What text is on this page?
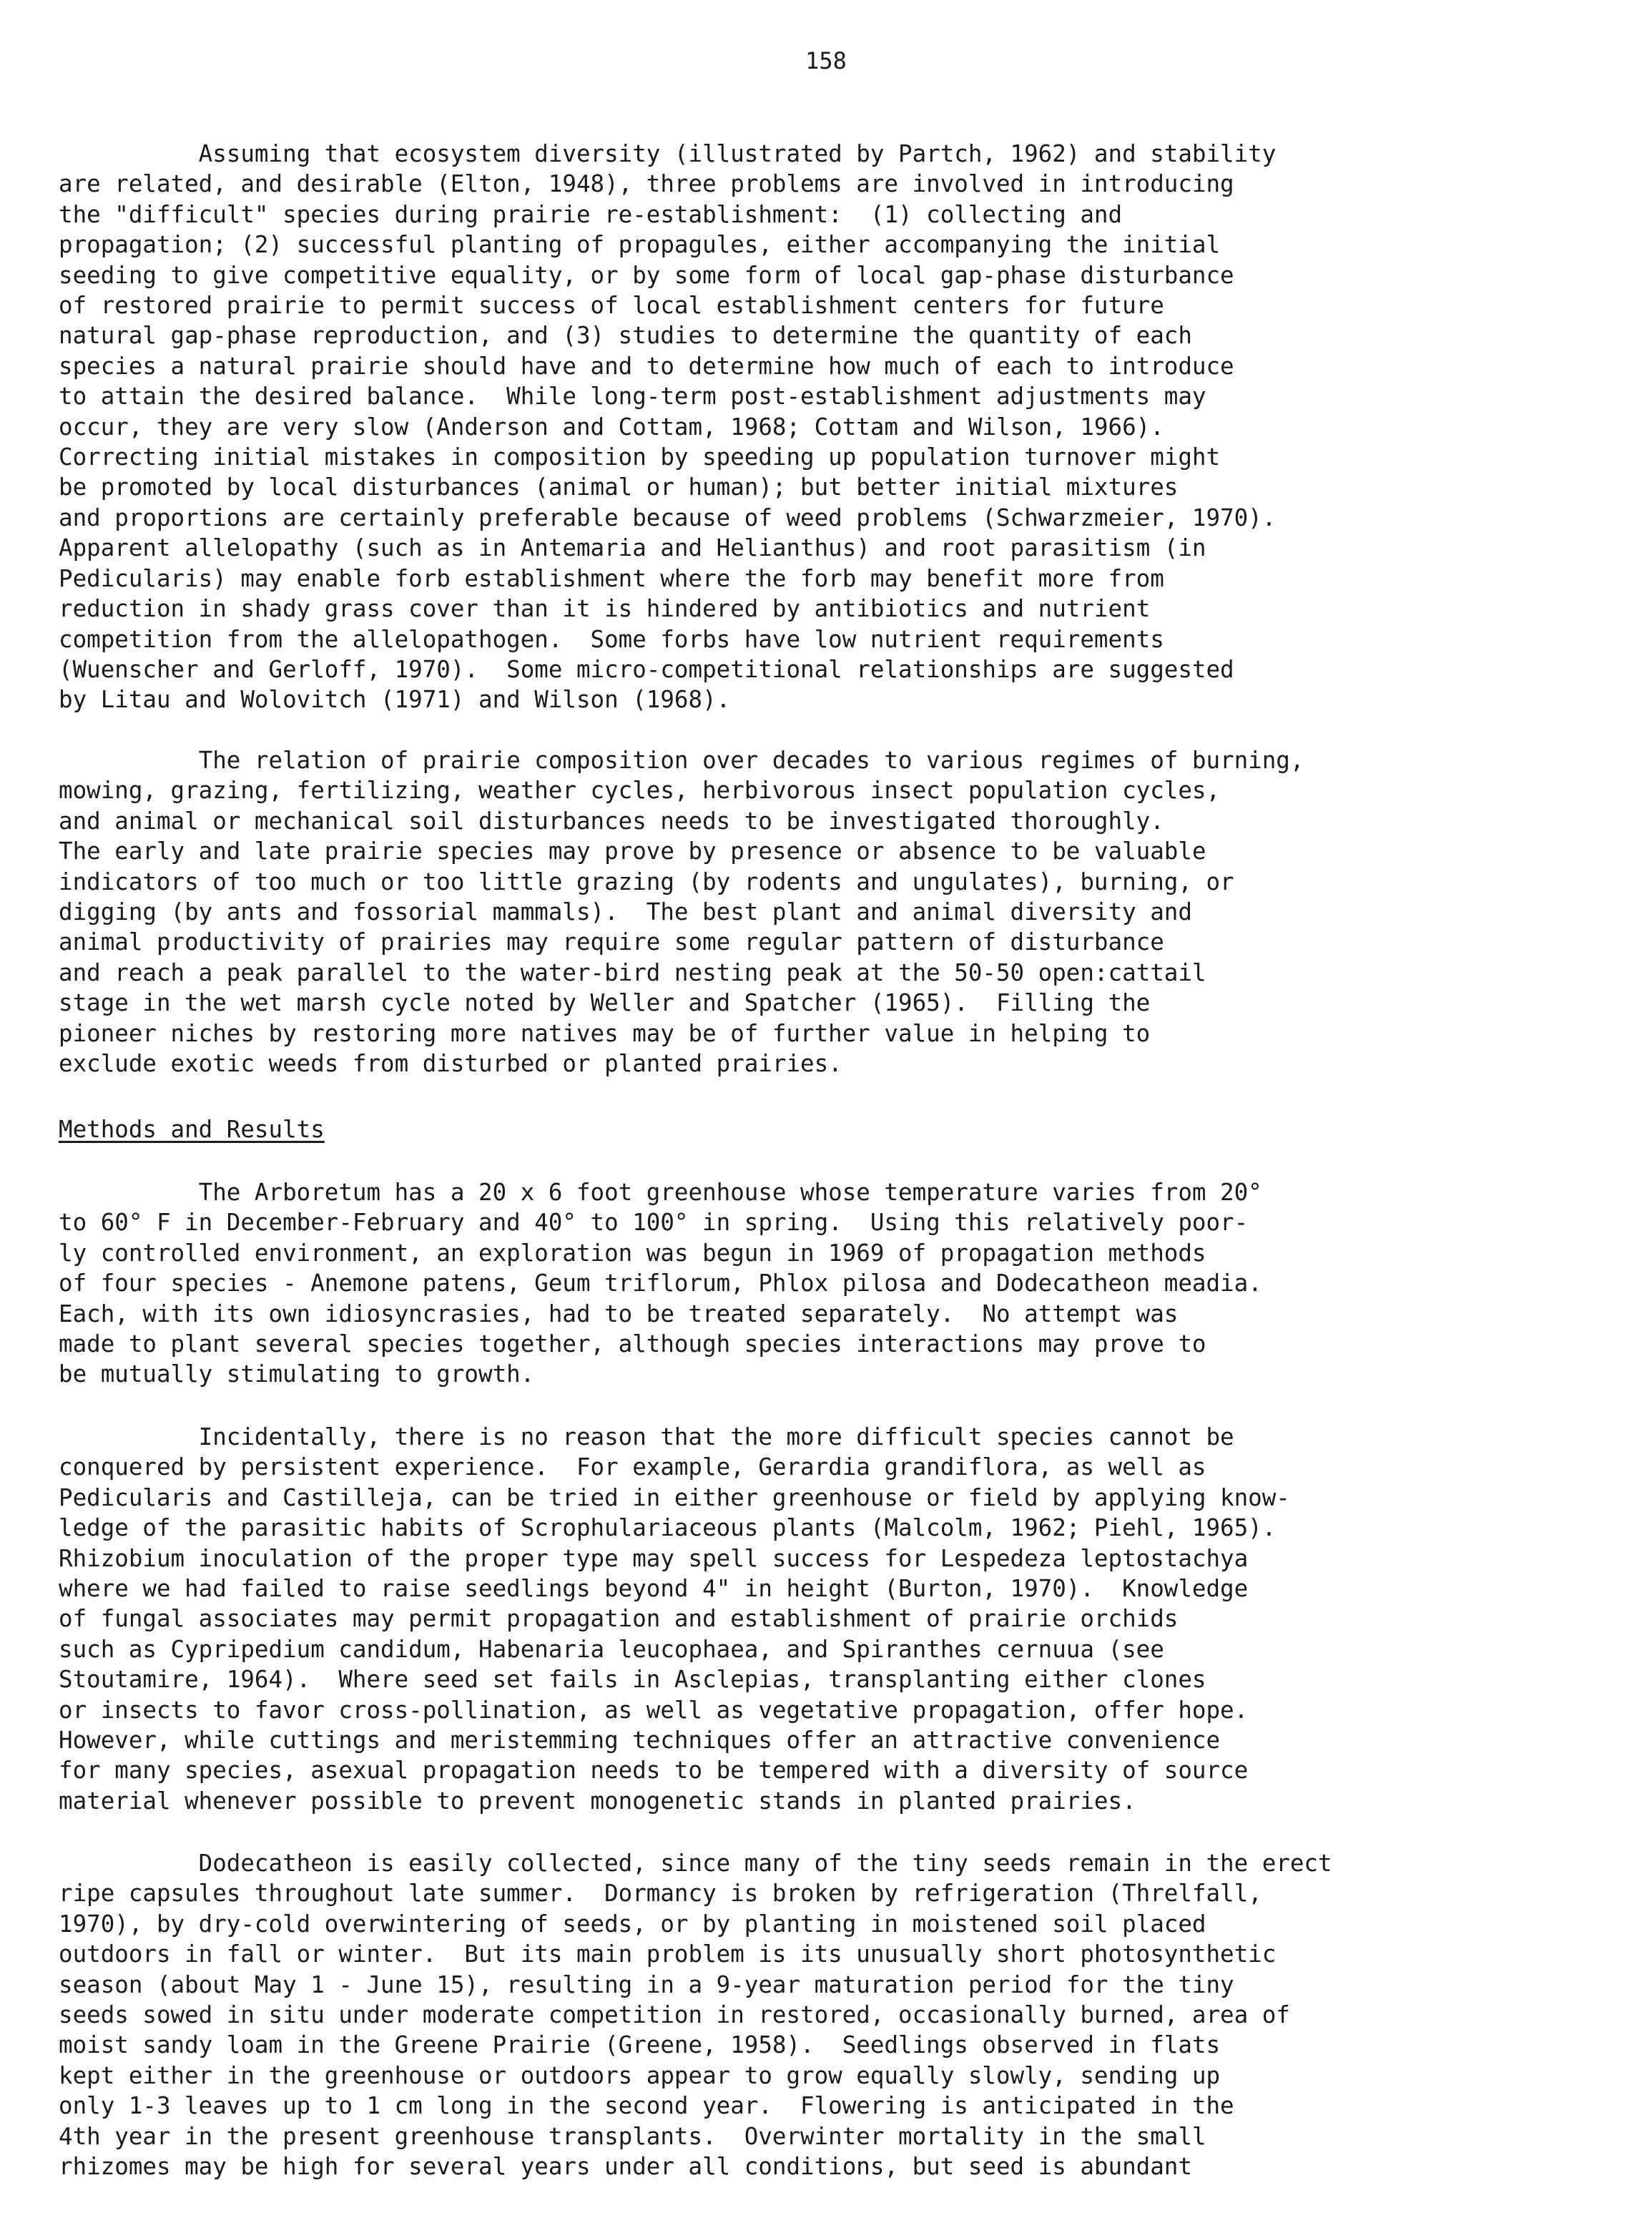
158
Assuming that ecosystem diversity (illustrated by Partch, 1962) and stability
are related, and desirable (Elton, 1948), three problems are involved in introducing
the "difficult" species during prairie re-establishment:  (1) collecting and
propagation; (2) successful planting of propagules, either accompanying the initial
seeding to give competitive equality, or by some form of local gap-phase disturbance
of restored prairie to permit success of local establishment centers for future
natural gap-phase reproduction, and (3) studies to determine the quantity of each
species a natural prairie should have and to determine how much of each to introduce
to attain the desired balance.  While long-term post-establishment adjustments may
occur, they are very slow (Anderson and Cottam, 1968; Cottam and Wilson, 1966).
Correcting initial mistakes in composition by speeding up population turnover might
be promoted by local disturbances (animal or human); but better initial mixtures
and proportions are certainly preferable because of weed problems (Schwarzmeier, 1970).
Apparent allelopathy (such as in Antemaria and Helianthus) and root parasitism (in
Pedicularis) may enable forb establishment where the forb may benefit more from
reduction in shady grass cover than it is hindered by antibiotics and nutrient
competition from the allelopathogen.  Some forbs have low nutrient requirements
(Wuenscher and Gerloff, 1970).  Some micro-competitional relationships are suggested
by Litau and Wolovitch (1971) and Wilson (1968).
The relation of prairie composition over decades to various regimes of burning,
mowing, grazing, fertilizing, weather cycles, herbivorous insect population cycles,
and animal or mechanical soil disturbances needs to be investigated thoroughly.
The early and late prairie species may prove by presence or absence to be valuable
indicators of too much or too little grazing (by rodents and ungulates), burning, or
digging (by ants and fossorial mammals).  The best plant and animal diversity and
animal productivity of prairies may require some regular pattern of disturbance
and reach a peak parallel to the water-bird nesting peak at the 50-50 open:cattail
stage in the wet marsh cycle noted by Weller and Spatcher (1965).  Filling the
pioneer niches by restoring more natives may be of further value in helping to
exclude exotic weeds from disturbed or planted prairies.
Methods and Results
The Arboretum has a 20 x 6 foot greenhouse whose temperature varies from 20°
to 60° F in December-February and 40° to 100° in spring.  Using this relatively poor-
ly controlled environment, an exploration was begun in 1969 of propagation methods
of four species - Anemone patens, Geum triflorum, Phlox pilosa and Dodecatheon meadia.
Each, with its own idiosyncrasies, had to be treated separately.  No attempt was
made to plant several species together, although species interactions may prove to
be mutually stimulating to growth.
Incidentally, there is no reason that the more difficult species cannot be
conquered by persistent experience.  For example, Gerardia grandiflora, as well as
Pedicularis and Castilleja, can be tried in either greenhouse or field by applying know-
ledge of the parasitic habits of Scrophulariaceous plants (Malcolm, 1962; Piehl, 1965).
Rhizobium inoculation of the proper type may spell success for Lespedeza leptostachya
where we had failed to raise seedlings beyond 4" in height (Burton, 1970).  Knowledge
of fungal associates may permit propagation and establishment of prairie orchids
such as Cypripedium candidum, Habenaria leucophaea, and Spiranthes cernuua (see
Stoutamire, 1964).  Where seed set fails in Asclepias, transplanting either clones
or insects to favor cross-pollination, as well as vegetative propagation, offer hope.
However, while cuttings and meristemming techniques offer an attractive convenience
for many species, asexual propagation needs to be tempered with a diversity of source
material whenever possible to prevent monogenetic stands in planted prairies.
Dodecatheon is easily collected, since many of the tiny seeds remain in the erect
ripe capsules throughout late summer.  Dormancy is broken by refrigeration (Threlfall,
1970), by dry-cold overwintering of seeds, or by planting in moistened soil placed
outdoors in fall or winter.  But its main problem is its unusually short photosynthetic
season (about May 1 - June 15), resulting in a 9-year maturation period for the tiny
seeds sowed in situ under moderate competition in restored, occasionally burned, area of
moist sandy loam in the Greene Prairie (Greene, 1958).  Seedlings observed in flats
kept either in the greenhouse or outdoors appear to grow equally slowly, sending up
only 1-3 leaves up to 1 cm long in the second year.  Flowering is anticipated in the
4th year in the present greenhouse transplants.  Overwinter mortality in the small
rhizomes may be high for several years under all conditions, but seed is abundant
